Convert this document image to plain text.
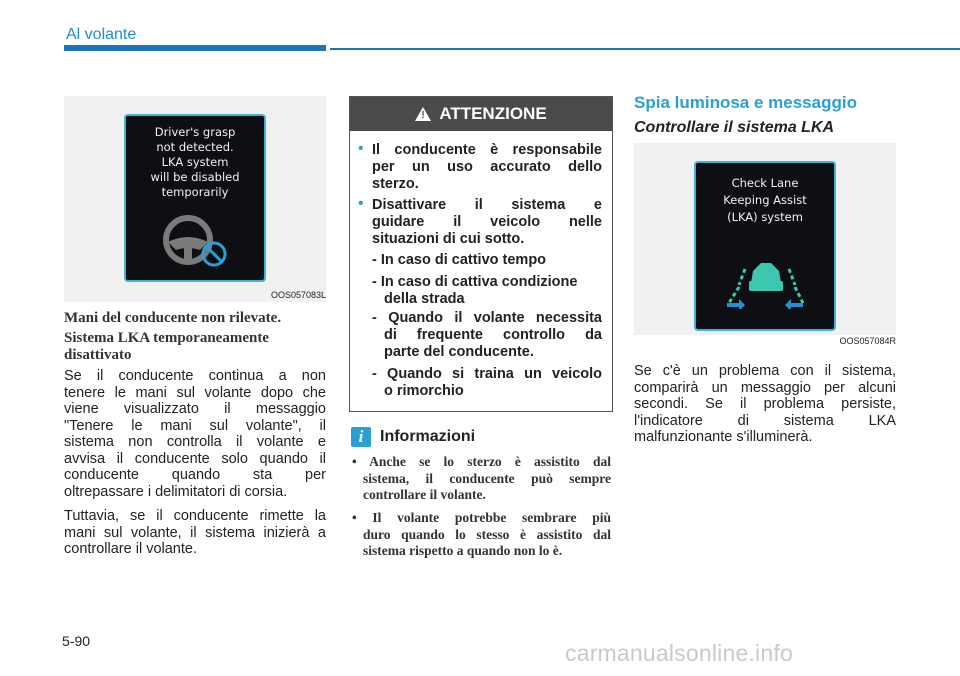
Al volante
Driver's grasp
not detected.
LKA system
will be disabled
temporarily
OOS057083L
Mani del conducente non rilevate.
Sistema LKA temporaneamente
disattivato
Se il conducente continua a non
tenere le mani sul volante dopo che
viene visualizzato il messaggio
"Tenere le mani sul volante", il
sistema non controlla il volante e
avvisa il conducente solo quando il
conducente quando sta per
oltrepassare i delimitatori di corsia.
Tuttavia, se il conducente rimette la
mani sul volante, il sistema inizierà a
controllare il volante.
! ATTENZIONE
• Il conducente è responsabile
per un uso accurato dello
sterzo.
• Disattivare il sistema e
guidare il veicolo nelle
situazioni di cui sotto.
- In caso di cattivo tempo
- In caso di cattiva condizione
della strada
- Quando il volante necessita
di frequente controllo da
parte del conducente.
- Quando si traina un veicolo
o rimorchio
i	Informazioni
• Anche se lo sterzo è assistito dal
sistema, il conducente può sempre
controllare il volante.
• Il volante potrebbe sembrare più
duro quando lo stesso è assistito dal
sistema rispetto a quando non lo è.
Spia luminosa e messaggio
Controllare il sistema LKA
Check Lane
Keeping Assist
(LKA) system
OOS057084R
Se c'è un problema con il sistema,
comparirà un messaggio per alcuni
secondi. Se il problema persiste,
l'indicatore di sistema LKA
malfunzionante s'illuminerà.
5-90	carmanualsonline.info
